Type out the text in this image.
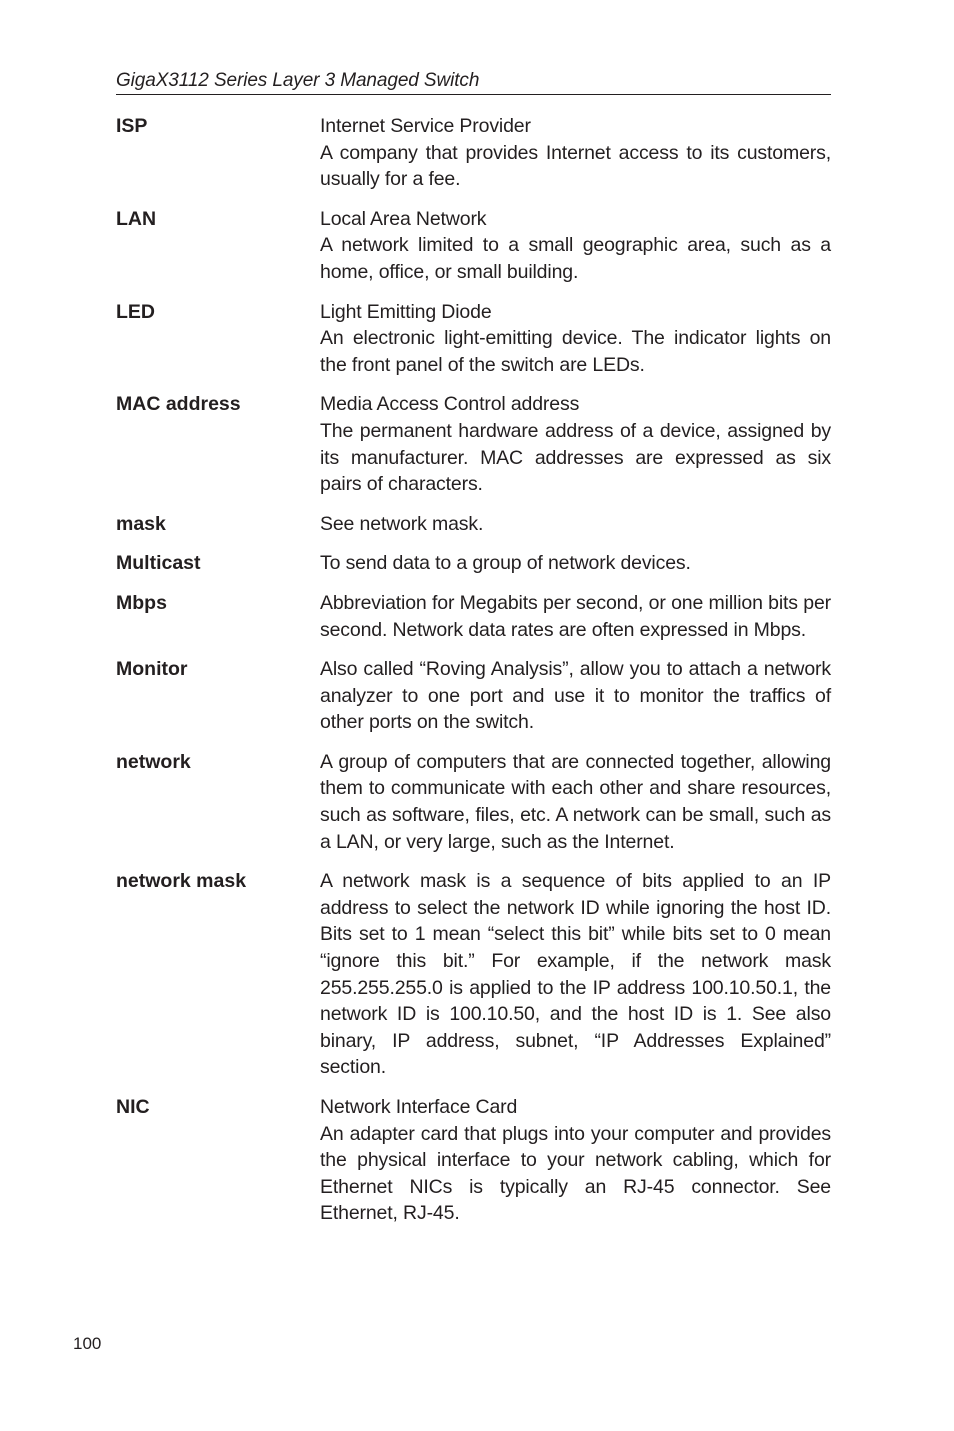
GigaX3112 Series Layer 3 Managed Switch
ISP	Internet Service Provider
A company that provides Internet access to its customers, usually for a fee.
LAN	Local Area Network
A network limited to a small geographic area, such as a home, office, or small building.
LED	Light Emitting Diode
An electronic light-emitting device. The indicator lights on the front panel of the switch are LEDs.
MAC address	Media Access Control address
The permanent hardware address of a device, assigned by its manufacturer. MAC addresses are expressed as six pairs of characters.
mask	See network mask.
Multicast	To send data to a group of network devices.
Mbps	Abbreviation for Megabits per second, or one million bits per second. Network data rates are often expressed in Mbps.
Monitor	Also called “Roving Analysis”, allow you to attach a network analyzer to one port and use it to monitor the traffics of other ports on the switch.
network	A group of computers that are connected together, allowing them to communicate with each other and share resources, such as software, files, etc. A network can be small, such as a LAN, or very large, such as the Internet.
network mask	A network mask is a sequence of bits applied to an IP address to select the network ID while ignoring the host ID. Bits set to 1 mean “select this bit” while bits set to 0 mean “ignore this bit.” For example, if the network mask 255.255.255.0 is applied to the IP address 100.10.50.1, the network ID is 100.10.50, and the host ID is 1. See also binary, IP address, subnet, “IP Addresses Explained” section.
NIC	Network Interface Card
An adapter card that plugs into your computer and provides the physical interface to your network cabling, which for Ethernet NICs is typically an RJ-45 connector. See Ethernet, RJ-45.
100
